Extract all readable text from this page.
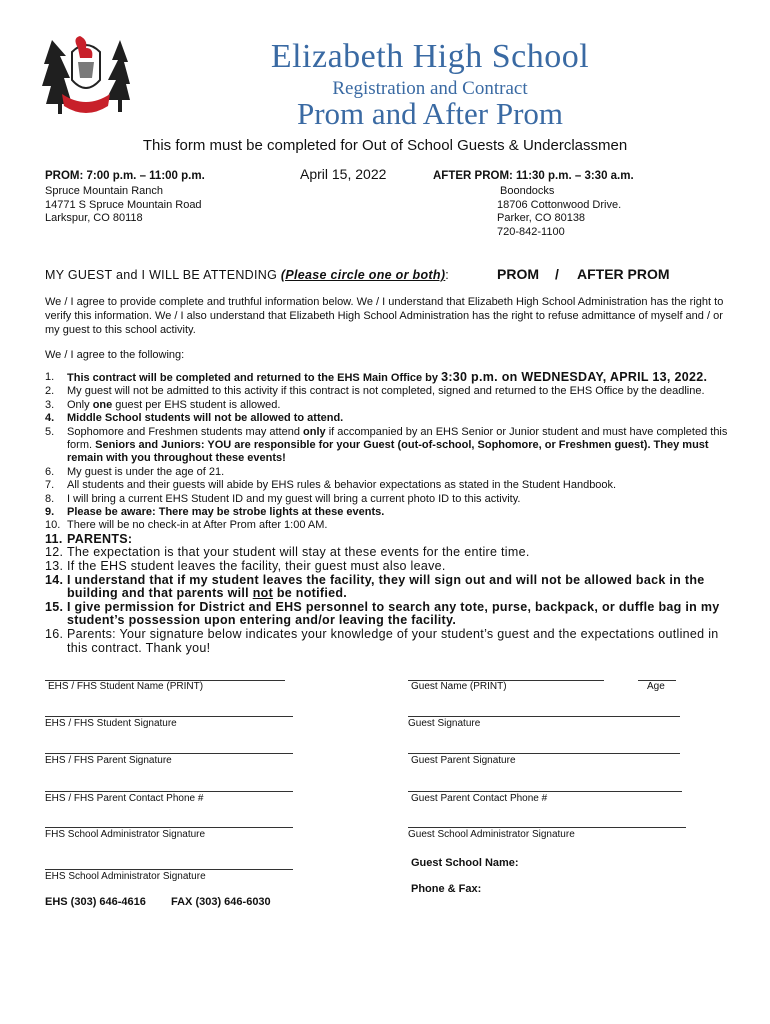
Elizabeth High School
Registration and Contract
Prom and After Prom
This form must be completed for Out of School Guests & Underclassmen
PROM: 7:00 p.m. – 11:00 p.m.
Spruce Mountain Ranch
14771 S Spruce Mountain Road
Larkspur, CO 80118
April 15, 2022	AFTER PROM: 11:30 p.m. – 3:30 a.m.
Boondocks
18706 Cottonwood Drive.
Parker, CO 80138
720-842-1100
MY GUEST and I WILL BE ATTENDING (Please circle one or both):	PROM / AFTER PROM
We / I agree to provide complete and truthful information below. We / I understand that Elizabeth High School Administration has the right to verify this information. We / I also understand that Elizabeth High School Administration has the right to refuse admittance of myself and / or my guest to this school activity.
We / I agree to the following:
1.	This contract will be completed and returned to the EHS Main Office by 3:30 p.m. on WEDNESDAY, APRIL 13, 2022.
2.	My guest will not be admitted to this activity if this contract is not completed, signed and returned to the EHS Office by the deadline.
3.	Only one guest per EHS student is allowed.
4.	Middle School students will not be allowed to attend.
5.	Sophomore and Freshmen students may attend only if accompanied by an EHS Senior or Junior student and must have completed this form. Seniors and Juniors: YOU are responsible for your Guest (out-of-school, Sophomore, or Freshmen guest). They must remain with you throughout these events!
6.	My guest is under the age of 21.
7.	All students and their guests will abide by EHS rules & behavior expectations as stated in the Student Handbook.
8.	I will bring a current EHS Student ID and my guest will bring a current photo ID to this activity.
9.	Please be aware: There may be strobe lights at these events.
10. There will be no check-in at After Prom after 1:00 AM.
11. PARENTS:
12. The expectation is that your student will stay at these events for the entire time.
13. If the EHS student leaves the facility, their guest must also leave.
14. I understand that if my student leaves the facility, they will sign out and will not be allowed back in the building and that parents will not be notified.
15. I give permission for District and EHS personnel to search any tote, purse, backpack, or duffle bag in my student’s possession upon entering and/or leaving the facility.
16. Parents: Your signature below indicates your knowledge of your student’s guest and the expectations outlined in this contract. Thank you!
EHS / FHS Student Name (PRINT)	Guest Name (PRINT)	Age
EHS / FHS Student Signature	Guest Signature
EHS / FHS Parent Signature	Guest Parent Signature
EHS / FHS Parent Contact Phone #	Guest Parent Contact Phone #
FHS School Administrator Signature	Guest School Administrator Signature
EHS School Administrator Signature
Guest School Name:
Phone & Fax:
EHS (303) 646-4616 FAX (303) 646-6030
